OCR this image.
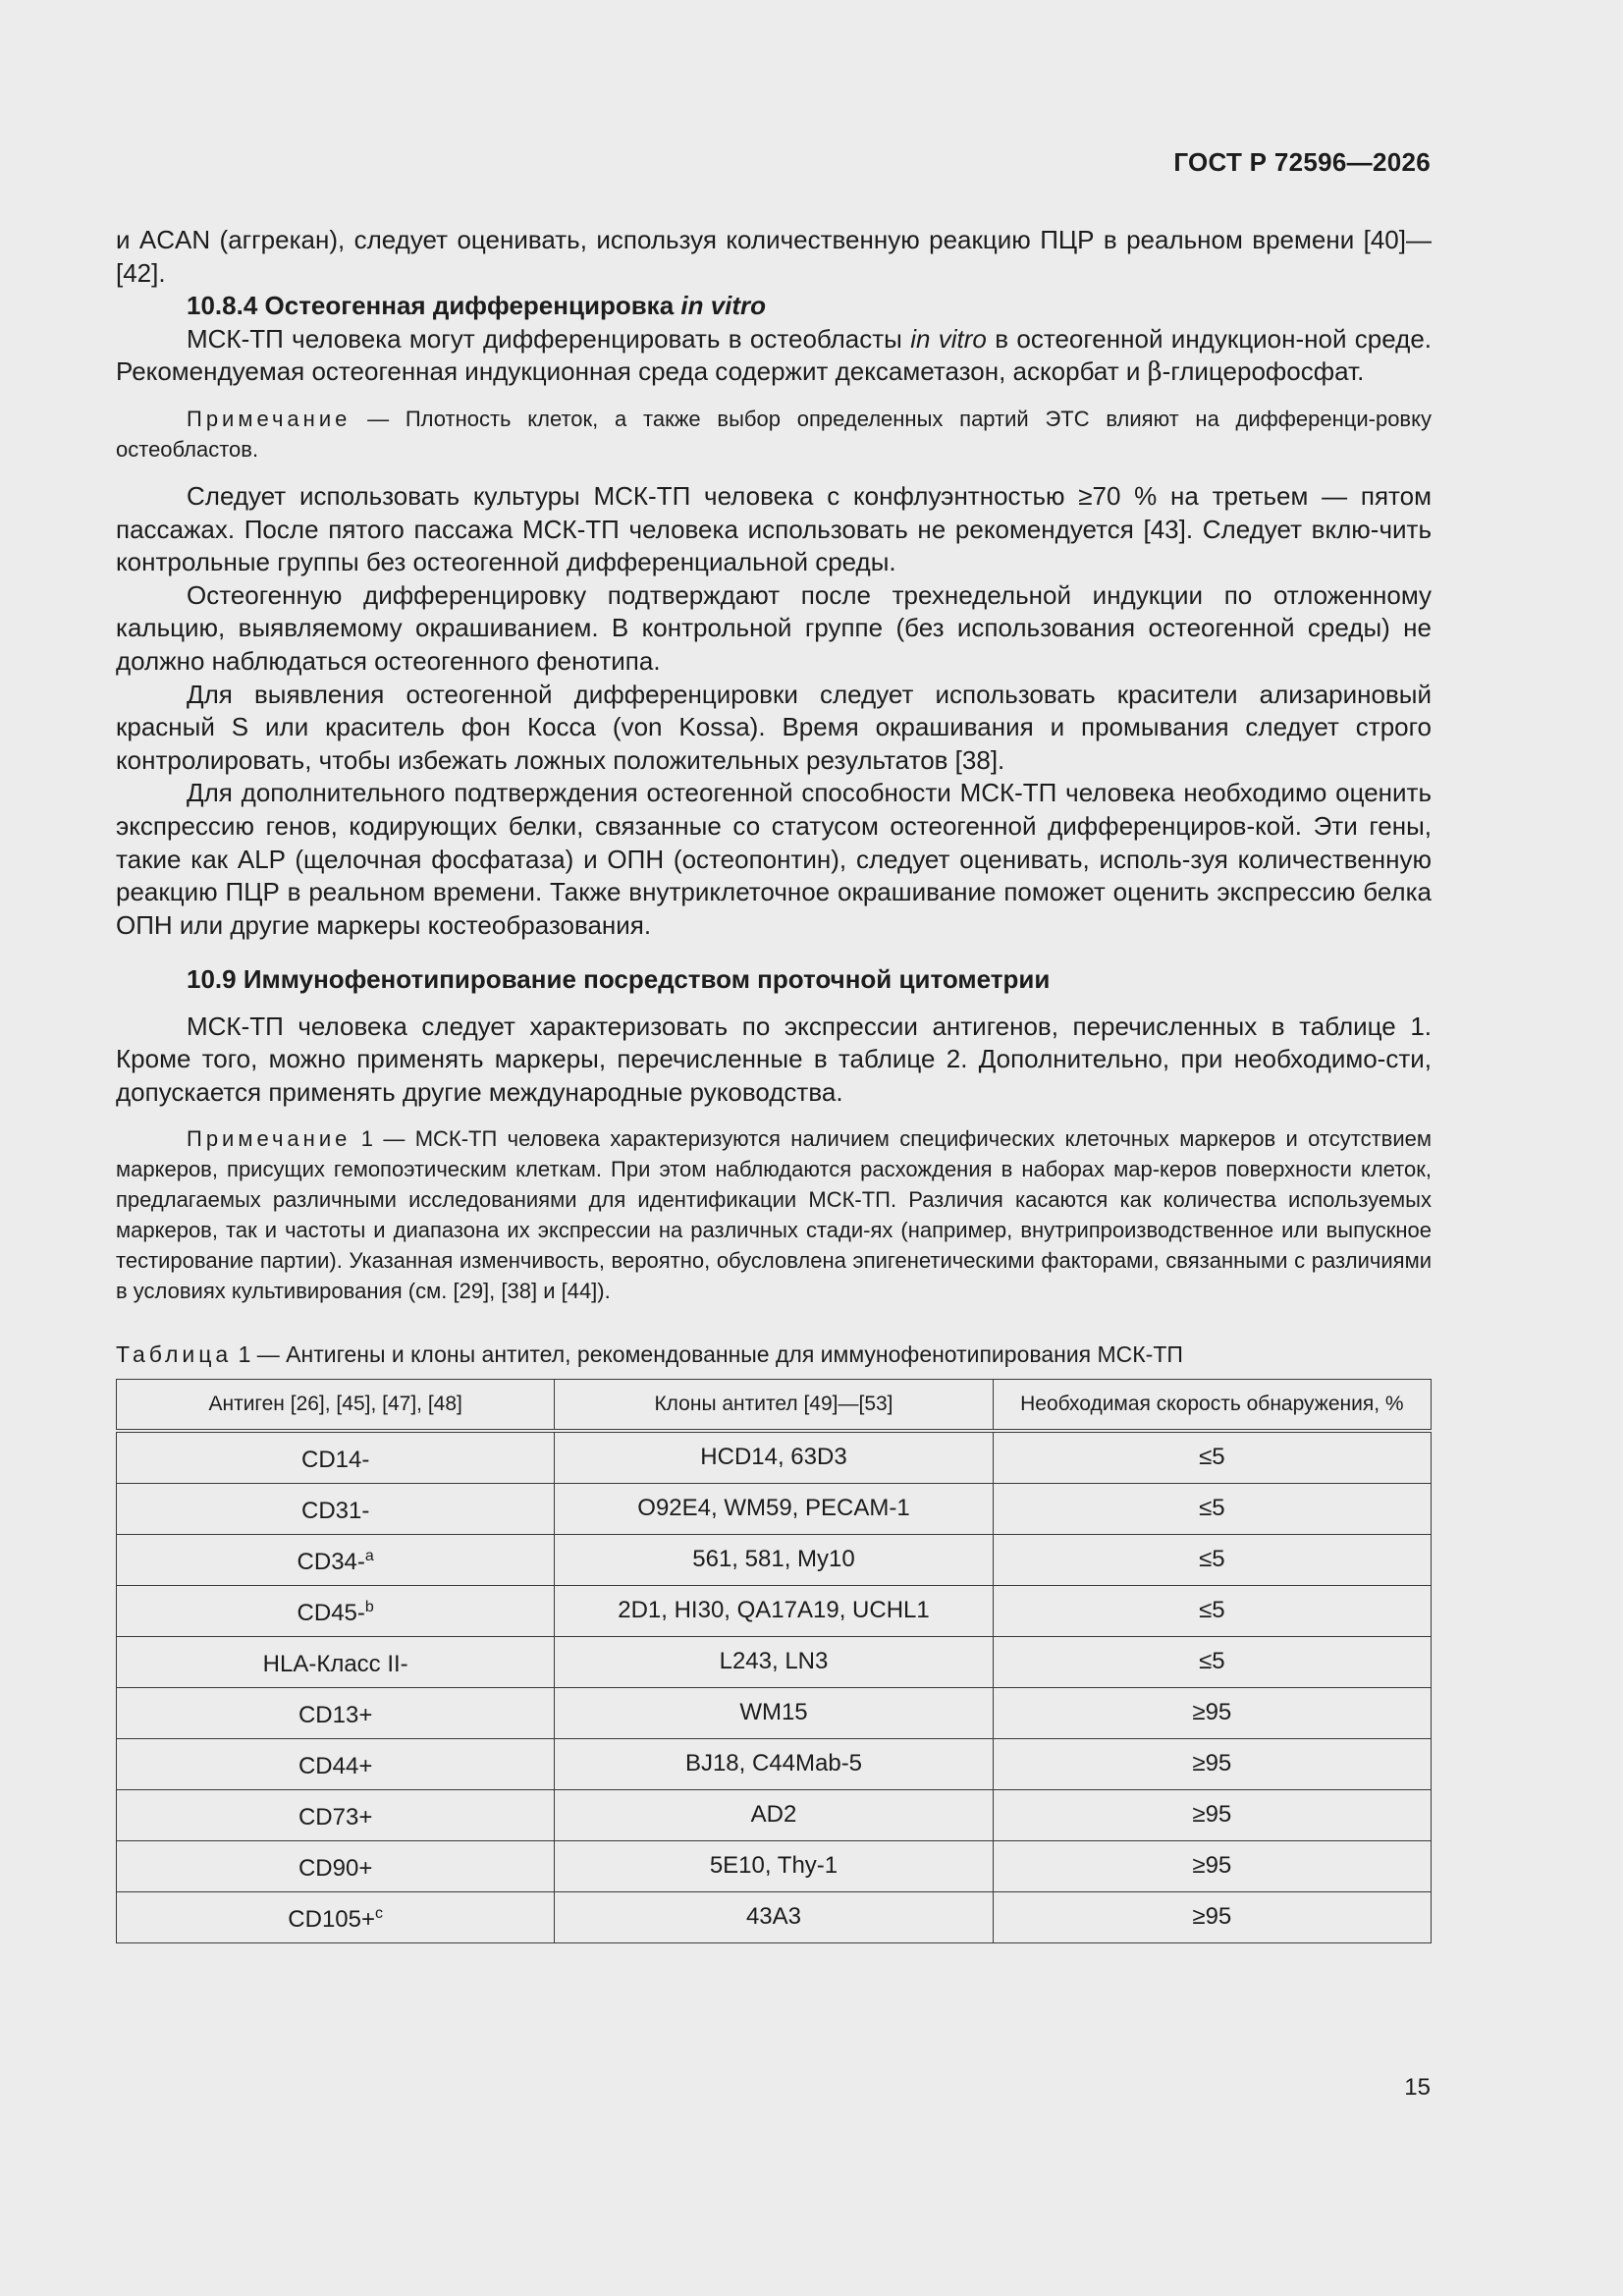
ГОСТ Р 72596—2026

и ACAN (аггрекан), следует оценивать, используя количественную реакцию ПЦР в реальном времени [40]—[42].

10.8.4 Остеогенная дифференцировка in vitro

МСК-ТП человека могут дифференцировать в остеобласты in vitro в остеогенной индукцион-ной среде. Рекомендуемая остеогенная индукционная среда содержит дексаметазон, аскорбат и β-глицерофосфат.

Примечание — Плотность клеток, а также выбор определенных партий ЭТС влияют на дифференци-ровку остеобластов.

Следует использовать культуры МСК-ТП человека с конфлуэнтностью ≥70 % на третьем — пятом пассажах. После пятого пассажа МСК-ТП человека использовать не рекомендуется [43]. Следует вклю-чить контрольные группы без остеогенной дифференциальной среды.

Остеогенную дифференцировку подтверждают после трехнедельной индукции по отложенному кальцию, выявляемому окрашиванием. В контрольной группе (без использования остеогенной среды) не должно наблюдаться остеогенного фенотипа.

Для выявления остеогенной дифференцировки следует использовать красители ализариновый красный S или краситель фон Косса (von Kossa). Время окрашивания и промывания следует строго контролировать, чтобы избежать ложных положительных результатов [38].

Для дополнительного подтверждения остеогенной способности МСК-ТП человека необходимо оценить экспрессию генов, кодирующих белки, связанные со статусом остеогенной дифференциров-кой. Эти гены, такие как ALP (щелочная фосфатаза) и ОПН (остеопонтин), следует оценивать, исполь-зуя количественную реакцию ПЦР в реальном времени. Также внутриклеточное окрашивание поможет оценить экспрессию белка ОПН или другие маркеры костеобразования.

10.9 Иммунофенотипирование посредством проточной цитометрии

МСК-ТП человека следует характеризовать по экспрессии антигенов, перечисленных в таблице 1. Кроме того, можно применять маркеры, перечисленные в таблице 2. Дополнительно, при необходимо-сти, допускается применять другие международные руководства.

Примечание 1 — МСК-ТП человека характеризуются наличием специфических клеточных маркеров и отсутствием маркеров, присущих гемопоэтическим клеткам. При этом наблюдаются расхождения в наборах мар-керов поверхности клеток, предлагаемых различными исследованиями для идентификации МСК-ТП. Различия касаются как количества используемых маркеров, так и частоты и диапазона их экспрессии на различных стади-ях (например, внутрипроизводственное или выпускное тестирование партии). Указанная изменчивость, вероятно, обусловлена эпигенетическими факторами, связанными с различиями в условиях культивирования (см. [29], [38] и [44]).

Таблица 1 — Антигены и клоны антител, рекомендованные для иммунофенотипирования МСК-ТП

Антиген [26], [45], [47], [48]	Клоны антител [49]—[53]	Необходимая скорость обнаружения, %
CD14-	HCD14, 63D3	≤5
CD31-	O92E4, WM59, PECAM-1	≤5
CD34-$^a$	561, 581, My10	≤5
CD45-$^b$	2D1, HI30, QA17A19, UCHL1	≤5
HLA-Класс II-	L243, LN3	≤5
CD13+	WM15	≥95
CD44+	BJ18, C44Mab-5	≥95
CD73+	AD2	≥95
CD90+	5E10, Thy-1	≥95
CD105+$^c$	43A3	≥95
15
